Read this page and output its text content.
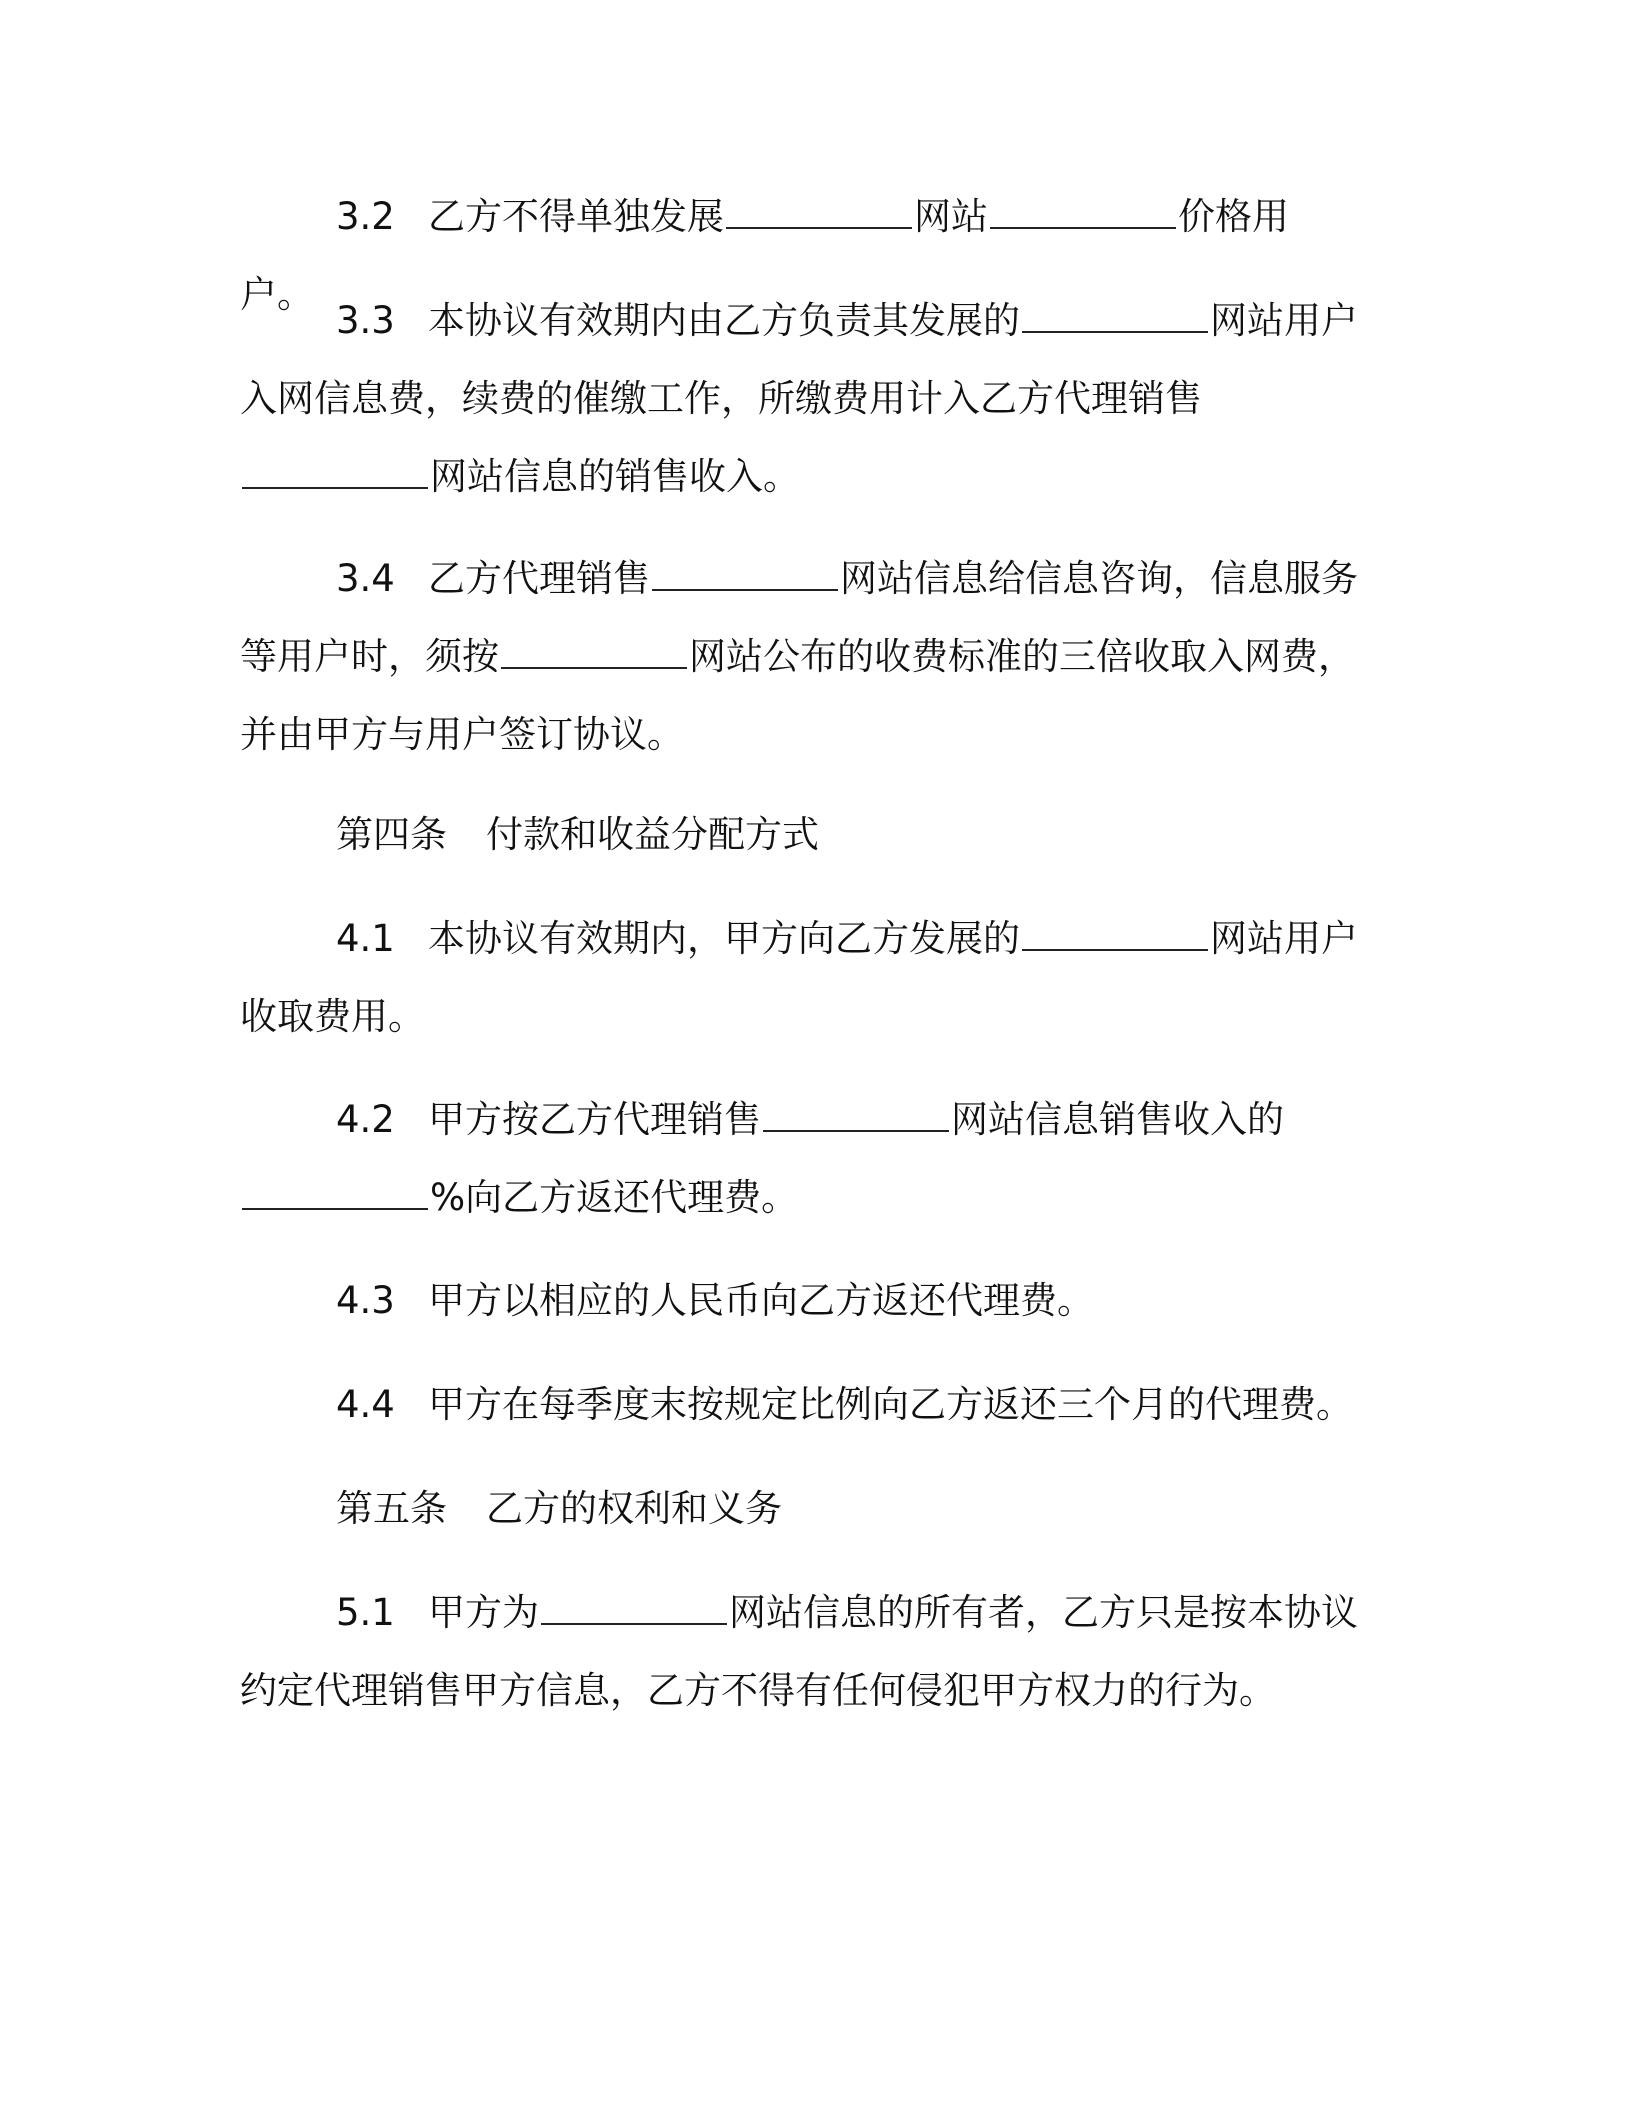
3.2 乙方不得单独发展	网站	价格用户。

3.3 本协议有效期内由乙方负责其发展的	网站用户入网信息费，续费的催缴工作，所缴费用计入乙方代理销售网站信息的销售收入。

3.4 乙方代理销售	网站信息给信息咨询，信息服务等用户时，须按	网站公布的收费标准的三倍收取入网费，并由甲方与用户签订协议。

第四条 付款和收益分配方式

4.1 本协议有效期内，甲方向乙方发展的	网站用户收取费用。

4.2 甲方按乙方代理销售	网站信息销售收入的%向乙方返还代理费。

4.3 甲方以相应的人民币向乙方返还代理费。

4.4 甲方在每季度末按规定比例向乙方返还三个月的代理费。

第五条 乙方的权利和义务

5.1 甲方为	网站信息的所有者，乙方只是按本协议约定代理销售甲方信息，乙方不得有任何侵犯甲方权力的行为。
